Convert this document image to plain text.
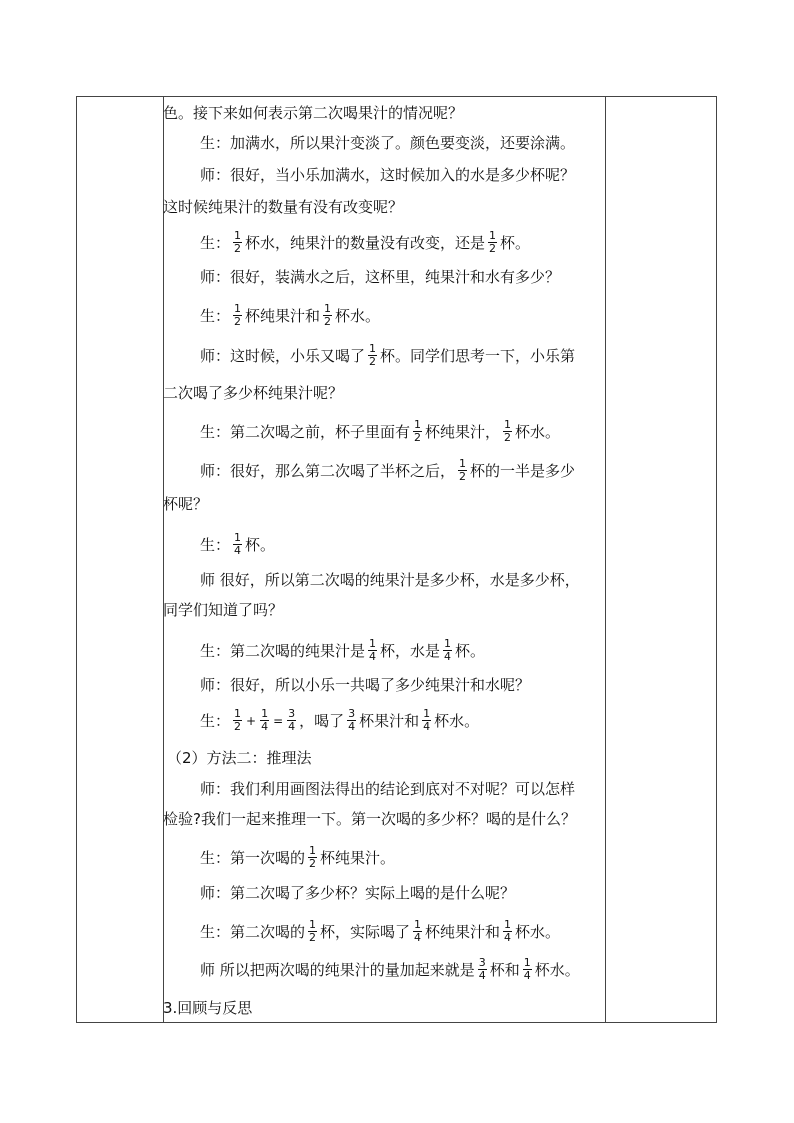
色。接下来如何表示第二次喝果汁的情况呢？
生：加满水，所以果汁变淡了。颜色要变淡，还要涂满。
师：很好，当小乐加满水，这时候加入的水是多少杯呢？
这时候纯果汁的数量有没有改变呢？
生： $\frac{1}{2}$ 杯水，纯果汁的数量没有改变，还是 $\frac{1}{2}$ 杯。
师：很好，装满水之后，这杯里，纯果汁和水有多少？
生： $\frac{1}{2}$ 杯纯果汁和 $\frac{1}{2}$ 杯水。
师：这时候，小乐又喝了 $\frac{1}{2}$ 杯。同学们思考一下，小乐第
二次喝了多少杯纯果汁呢？
生：第二次喝之前，杯子里面有 $\frac{1}{2}$ 杯纯果汁， $\frac{1}{2}$ 杯水。
师：很好，那么第二次喝了半杯之后， $\frac{1}{2}$ 杯的一半是多少
杯呢？
生： $\frac{1}{4}$ 杯。
师 很好，所以第二次喝的纯果汁是多少杯，水是多少杯，
同学们知道了吗？
生：第二次喝的纯果汁是 $\frac{1}{4}$ 杯，水是 $\frac{1}{4}$ 杯。
师：很好，所以小乐一共喝了多少纯果汁和水呢？
生： $\frac{1}{2} + \frac{1}{4} = \frac{3}{4}$ ，喝了 $\frac{3}{4}$ 杯果汁和 $\frac{1}{4}$ 杯水。
（2）方法二：推理法
师：我们利用画图法得出的结论到底对不对呢？可以怎样
检验?我们一起来推理一下。第一次喝的多少杯？喝的是什么？
生：第一次喝的 $\frac{1}{2}$ 杯纯果汁。
师：第二次喝了多少杯？实际上喝的是什么呢？
生：第二次喝的 $\frac{1}{2}$ 杯，实际喝了 $\frac{1}{4}$ 杯纯果汁和 $\frac{1}{4}$ 杯水。
师 所以把两次喝的纯果汁的量加起来就是 $\frac{3}{4}$ 杯和 $\frac{1}{4}$ 杯水。
3.回顾与反思
